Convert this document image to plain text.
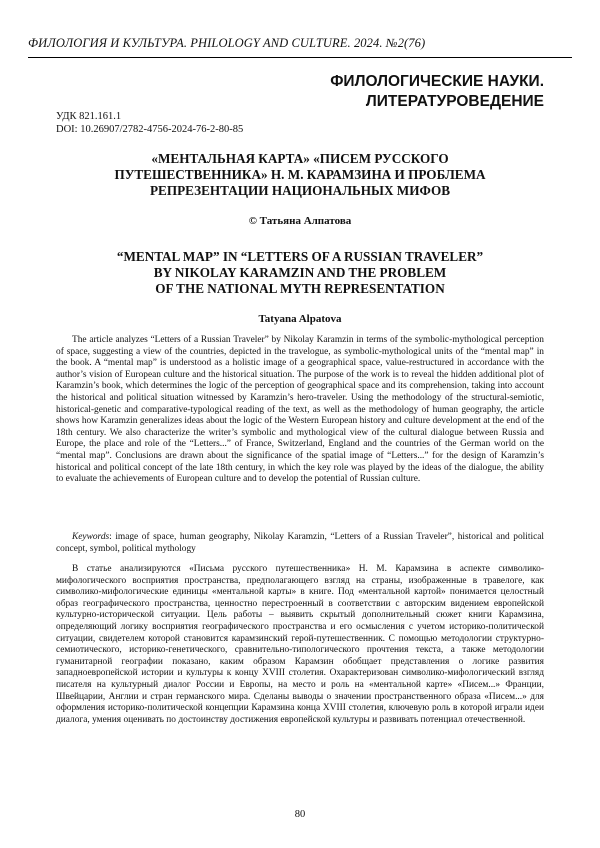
ФИЛОЛОГИЯ И КУЛЬТУРА. PHILOLOGY AND CULTURE. 2024. №2(76)
ФИЛОЛОГИЧЕСКИЕ НАУКИ.
ЛИТЕРАТУРОВЕДЕНИЕ
УДК 821.161.1
DOI: 10.26907/2782-4756-2024-76-2-80-85
«МЕНТАЛЬНАЯ КАРТА» «ПИСЕМ РУССКОГО
ПУТЕШЕСТВЕННИКА» Н. М. КАРАМЗИНА И ПРОБЛЕМА
РЕПРЕЗЕНТАЦИИ НАЦИОНАЛЬНЫХ МИФОВ
© Татьяна Алпатова
“MENTAL MAP” IN “LETTERS OF A RUSSIAN TRAVELER”
BY NIKOLAY KARAMZIN AND THE PROBLEM
OF THE NATIONAL MYTH REPRESENTATION
Tatyana Alpatova

The article analyzes “Letters of a Russian Traveler” by Nikolay Karamzin in terms of the symbolic-mythological perception of space, suggesting a view of the countries, depicted in the travelogue, as symbolic-mythological units of the “mental map” in the book. A “mental map” is understood as a holistic image of a geographical space, value-restructured in accordance with the author’s vision of European culture and the historical situation. The purpose of the work is to reveal the hidden additional plot of Karamzin’s book, which determines the logic of the perception of geographical space and its comprehension, taking into account the historical and political situation witnessed by Karamzin’s hero-traveler. Using the methodology of the structural-semiotic, historical-genetic and comparative-typological reading of the text, as well as the methodology of human geography, the article shows how Karamzin generalizes ideas about the logic of the Western European history and culture development at the end of the 18th century. We also characterize the writer’s symbolic and mythological view of the cultural dialogue between Russia and Europe, the place and role of the “Letters...” of France, Switzerland, England and the countries of the German world on the “mental map”. Conclusions are drawn about the significance of the spatial image of “Letters...” for the design of Karamzin’s historical and political concept of the late 18th century, in which the key role was played by the ideas of the dialogue, the ability to evaluate the achievements of European culture and to develop the potential of Russian culture.

Keywords: image of space, human geography, Nikolay Karamzin, “Letters of a Russian Traveler”, historical and political concept, symbol, political mythology

В статье анализируются «Письма русского путешественника» Н. М. Карамзина в аспекте символико-мифологического восприятия пространства, предполагающего взгляд на страны, изображенные в травелоге, как символико-мифологические единицы «ментальной карты» в книге. Под «ментальной картой» понимается целостный образ географического пространства, ценностно перестроенный в соответствии с авторским видением европейской культурно-исторической ситуации. Цель работы – выявить скрытый дополнительный сюжет книги Карамзина, определяющий логику восприятия географического пространства и его осмысления с учетом историко-политической ситуации, свидетелем которой становится карамзинский герой-путешественник. С помощью методологии структурно-семиотического, историко-генетического, сравнительно-типологического прочтения текста, а также методологии гуманитарной географии показано, каким образом Карамзин обобщает представления о логике развития западноевропейской истории и культуры к концу XVIII столетия. Охарактеризован символико-мифологический взгляд писателя на культурный диалог России и Европы, на место и роль на «ментальной карте» «Писем...» Франции, Швейцарии, Англии и стран германского мира. Сделаны выводы о значении пространственного образа «Писем...» для оформления историко-политической концепции Карамзина конца XVIII столетия, ключевую роль в которой играли идеи диалога, умения оценивать по достоинству достижения европейской культуры и развивать потенциал отечественной.

80
